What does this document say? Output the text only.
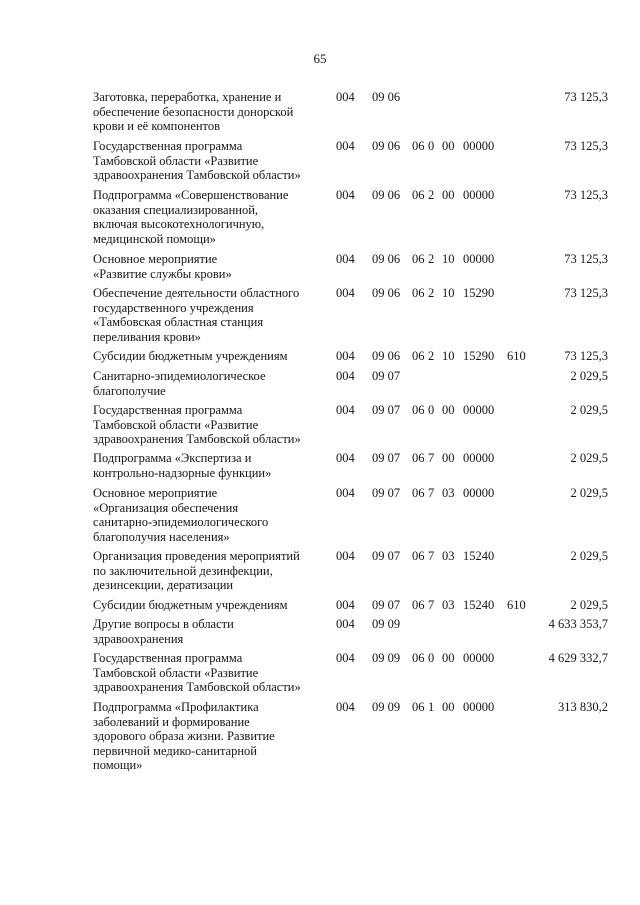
65
Заготовка, переработка, хранение и
обеспечение безопасности донорской
крови и её компонентов
004 09 06	73 125,3
Государственная программа
Тамбовской области «Развитие
здравоохранения Тамбовской области»
004 09 06 06 0 00 00000	73 125,3
Подпрограмма «Совершенствование
оказания специализированной,
включая высокотехнологичную,
медицинской помощи»
004 09 06 06 2 00 00000	73 125,3
Основное мероприятие
«Развитие службы крови»
004 09 06 06 2 10 00000	73 125,3
Обеспечение деятельности областного
государственного учреждения
«Тамбовская областная станция
переливания крови»
004 09 06 06 2 10 15290	73 125,3
Субсидии бюджетным учреждениям	004 09 06 06 2 10 15290 610	73 125,3
Санитарно-эпидемиологическое
благополучие
004 09 07	2 029,5
Государственная программа
Тамбовской области «Развитие
здравоохранения Тамбовской области»
004 09 07 06 0 00 00000	2 029,5
Подпрограмма «Экспертиза и
контрольно-надзорные функции»
004 09 07 06 7 00 00000	2 029,5
Основное мероприятие
«Организация обеспечения
санитарно-эпидемиологического
благополучия населения»
004 09 07 06 7 03 00000	2 029,5
Организация проведения мероприятий
по заключительной дезинфекции,
дезинсекции, дератизации
004 09 07 06 7 03 15240	2 029,5
Субсидии бюджетным учреждениям	004 09 07 06 7 03 15240 610	2 029,5
Другие вопросы в области
здравоохранения
004 09 09	4 633 353,7
Государственная программа
Тамбовской области «Развитие
здравоохранения Тамбовской области»
004 09 09 06 0 00 00000	4 629 332,7
Подпрограмма «Профилактика
заболеваний и формирование
здорового образа жизни. Развитие
первичной медико-санитарной
помощи»
004 09 09 06 1 00 00000	313 830,2
